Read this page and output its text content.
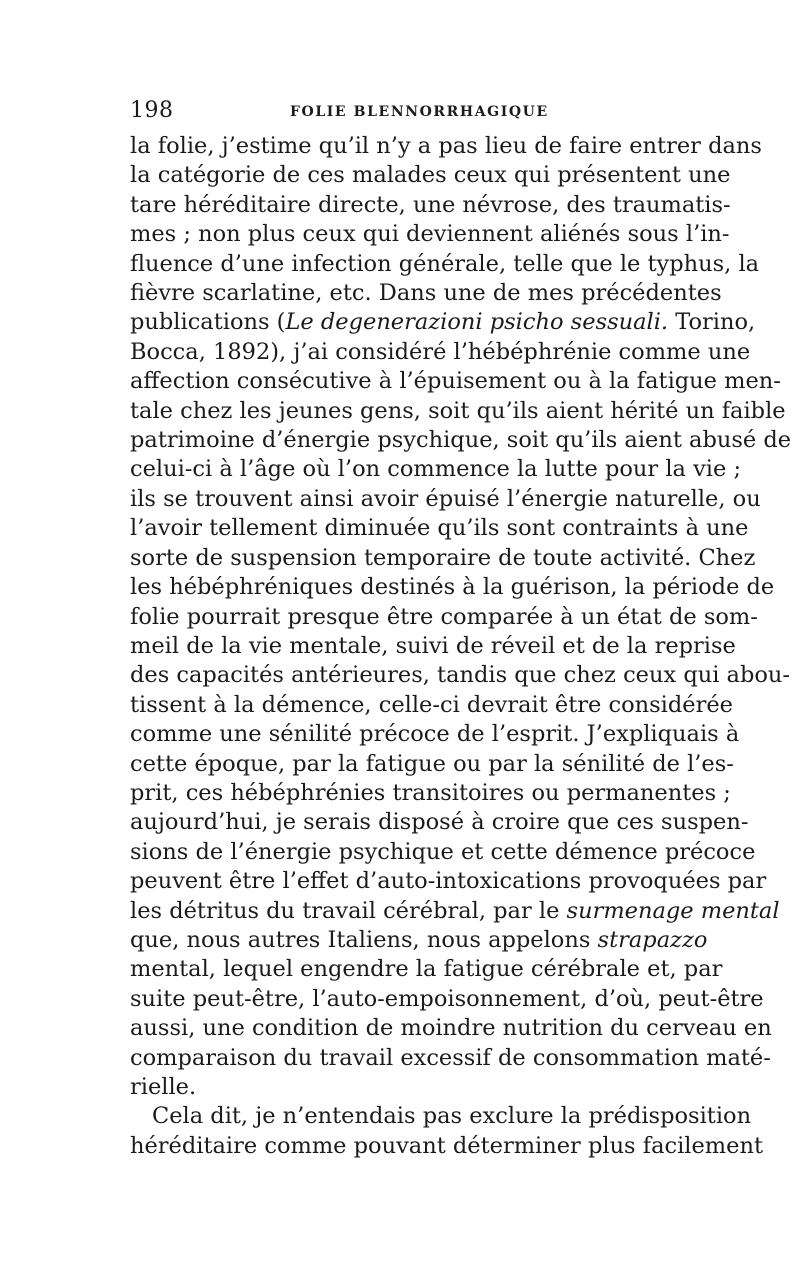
198	FOLIE BLENNORRHAGIQUE
la folie, j’estime qu’il n’y a pas lieu de faire entrer dans
la catégorie de ces malades ceux qui présentent une
tare héréditaire directe, une névrose, des traumatis-
mes ; non plus ceux qui deviennent aliénés sous l’in-
fluence d’une infection générale, telle que le typhus, la
fièvre scarlatine, etc. Dans une de mes précédentes
publications (Le degenerazioni psicho sessuali. Torino,
Bocca, 1892), j’ai considéré l’hébéphrénie comme une
affection consécutive à l’épuisement ou à la fatigue men-
tale chez les jeunes gens, soit qu’ils aient hérité un faible
patrimoine d’énergie psychique, soit qu’ils aient abusé de
celui-ci à l’âge où l’on commence la lutte pour la vie ;
ils se trouvent ainsi avoir épuisé l’énergie naturelle, ou
l’avoir tellement diminuée qu’ils sont contraints à une
sorte de suspension temporaire de toute activité. Chez
les hébéphréniques destinés à la guérison, la période de
folie pourrait presque être comparée à un état de som-
meil de la vie mentale, suivi de réveil et de la reprise
des capacités antérieures, tandis que chez ceux qui abou-
tissent à la démence, celle-ci devrait être considérée
comme une sénilité précoce de l’esprit. J’expliquais à
cette époque, par la fatigue ou par la sénilité de l’es-
prit, ces hébéphrénies transitoires ou permanentes ;
aujourd’hui, je serais disposé à croire que ces suspen-
sions de l’énergie psychique et cette démence précoce
peuvent être l’effet d’auto-intoxications provoquées par
les détritus du travail cérébral, par le surmenage mental
que, nous autres Italiens, nous appelons strapazzo
mental, lequel engendre la fatigue cérébrale et, par
suite peut-être, l’auto-empoisonnement, d’où, peut-être
aussi, une condition de moindre nutrition du cerveau en
comparaison du travail excessif de consommation maté-
rielle.
Cela dit, je n’entendais pas exclure la prédisposition
héréditaire comme pouvant déterminer plus facilement
